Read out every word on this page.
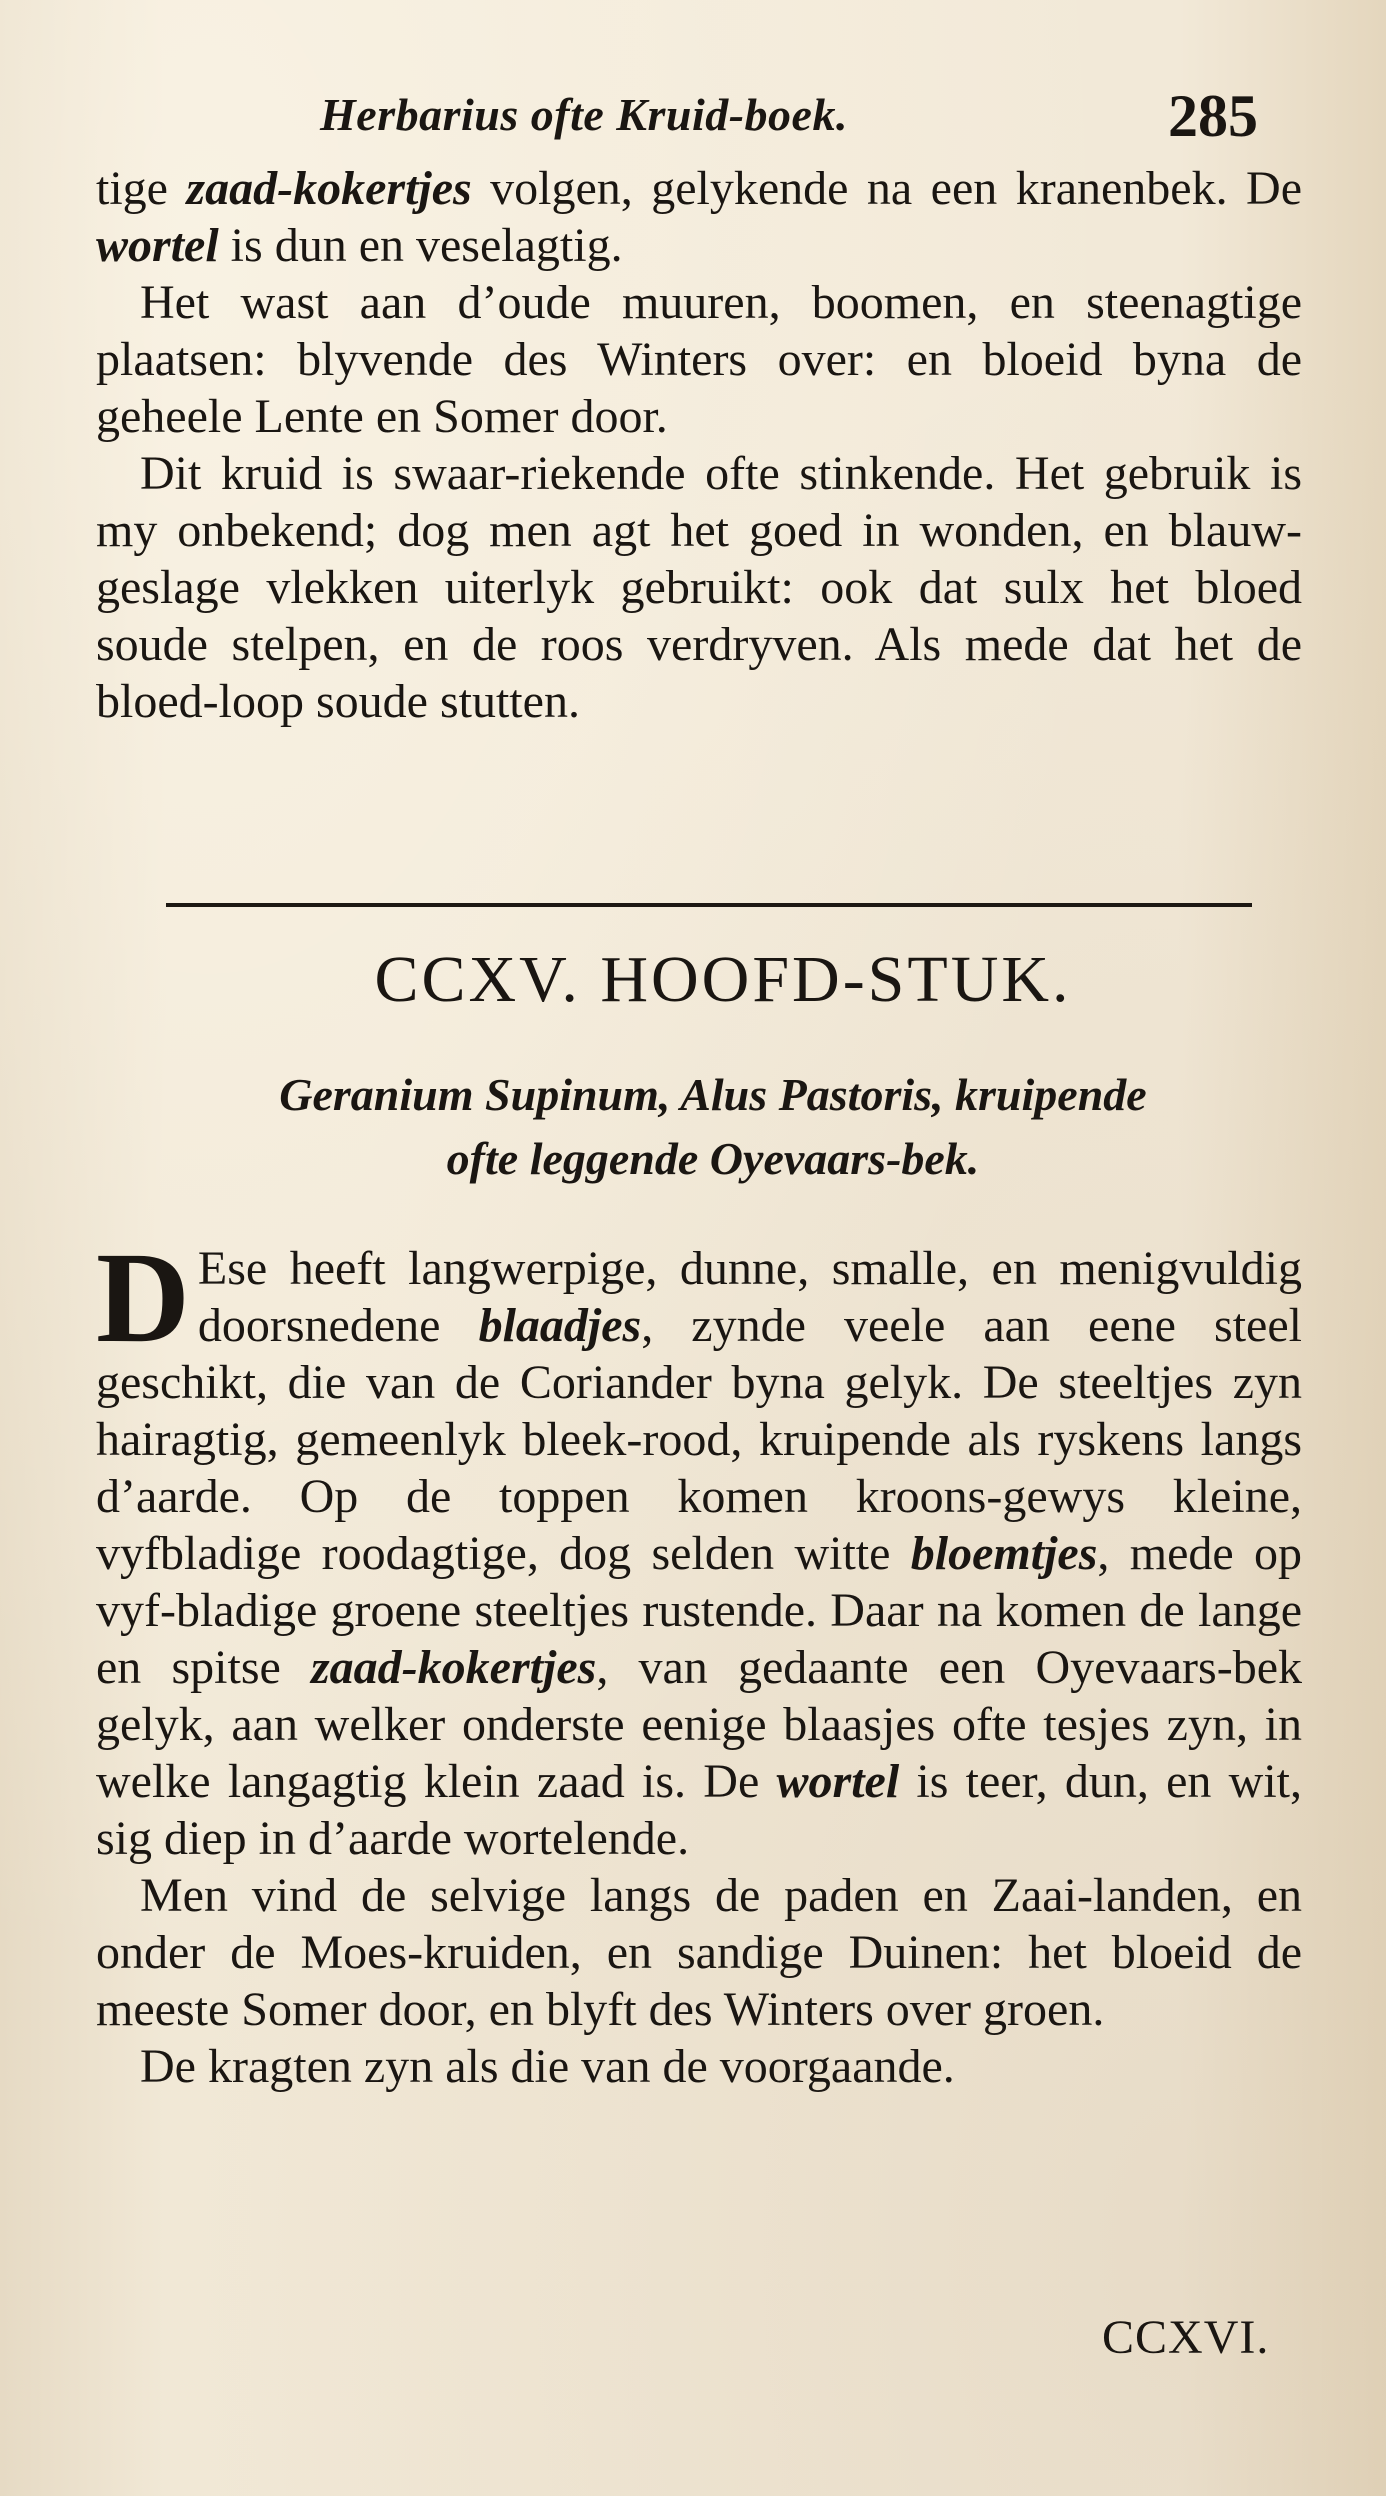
Herbarius ofte Kruid-boek.	285

tige zaad-kokertjes volgen, gelykende na een kranenbek. De wortel is dun en veselagtig.

Het wast aan d’oude muuren, boomen, en steenagtige plaatsen: blyvende des Winters over: en bloeid byna de geheele Lente en Somer door.

Dit kruid is swaar-riekende ofte stinkende. Het gebruik is my onbekend; dog men agt het goed in wonden, en blauw-geslage vlekken uiterlyk gebruikt: ook dat sulx het bloed soude stelpen, en de roos verdryven. Als mede dat het de bloed-loop soude stutten.

CCXV. HOOFD-STUK.
Geranium Supinum, Alus Pastoris, kruipende
ofte leggende Oyevaars-bek.

D Ese heeft langwerpige, dunne, smalle, en menigvuldig doorsnedene blaadjes, zynde veele aan eene steel geschikt, die van de Coriander byna gelyk. De steeltjes zyn hairagtig, gemeenlyk bleek-rood, kruipende als ryskens langs d’aarde. Op de toppen komen kroons-gewys kleine, vyfbladige roodagtige, dog selden witte bloemtjes, mede op vyf-bladige groene steeltjes rustende. Daar na komen de lange en spitse zaad-kokertjes, van gedaante een Oyevaars-bek gelyk, aan welker onderste eenige blaasjes ofte tesjes zyn, in welke langagtig klein zaad is. De wortel is teer, dun, en wit, sig diep in d’aarde wortelende.

Men vind de selvige langs de paden en Zaai-landen, en onder de Moes-kruiden, en sandige Duinen: het bloeid de meeste Somer door, en blyft des Winters over groen.

De kragten zyn als die van de voorgaande.

CCXVI.
